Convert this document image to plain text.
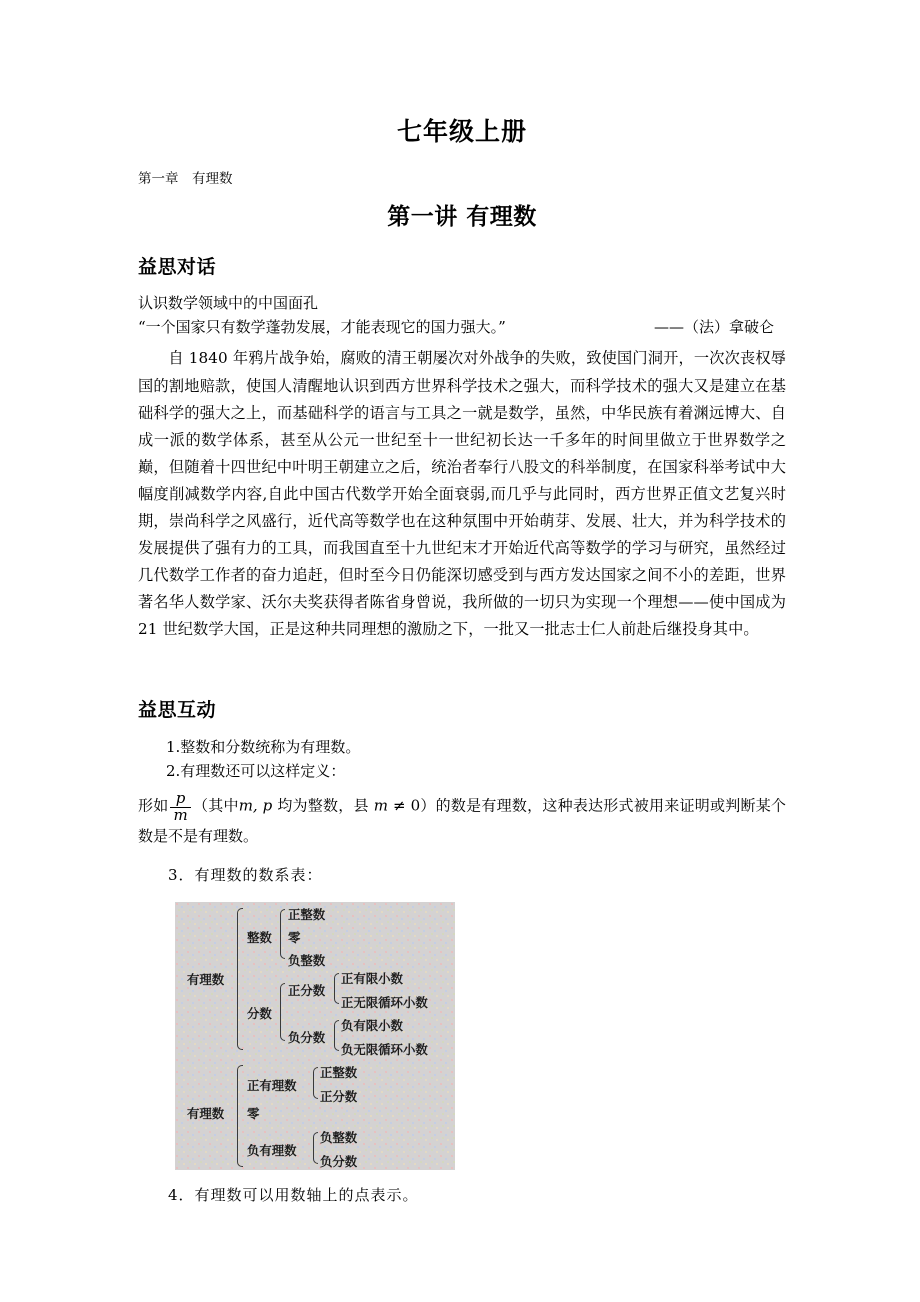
七年级上册
第一章　有理数
第一讲 有理数
益思对话
认识数学领域中的中国面孔
“一个国家只有数学蓬勃发展，才能表现它的国力强大。”	——（法）拿破仑

自 1840 年鸦片战争始，腐败的清王朝屡次对外战争的失败，致使国门洞开，一次次丧权辱国的割地赔款，使国人清醒地认识到西方世界科学技术之强大，而科学技术的强大又是建立在基础科学的强大之上，而基础科学的语言与工具之一就是数学，虽然，中华民族有着渊远博大、自成一派的数学体系，甚至从公元一世纪至十一世纪初长达一千多年的时间里做立于世界数学之巅，但随着十四世纪中叶明王朝建立之后，统治者奉行八股文的科举制度，在国家科举考试中大幅度削减数学内容,自此中国古代数学开始全面衰弱,而几乎与此同时，西方世界正值文艺复兴时期，崇尚科学之风盛行，近代高等数学也在这种氛围中开始萌芽、发展、壮大，并为科学技术的发展提供了强有力的工具，而我国直至十九世纪末才开始近代高等数学的学习与研究，虽然经过几代数学工作者的奋力追赶，但时至今日仍能深切感受到与西方发达国家之间不小的差距，世界著名华人数学家、沃尔夫奖获得者陈省身曾说，我所做的一切只为实现一个理想——使中国成为 21 世纪数学大国，正是这种共同理想的激励之下，一批又一批志士仁人前赴后继投身其中。

益思互动
1.整数和分数统称为有理数。
2.有理数还可以这样定义：
形如 $\frac{p}{m}$ （其中m, p 均为整数，县 m ≠ 0）的数是有理数，这种表达形式被用来证明或判断某个数是不是有理数。
3．有理数的数系表：
有理数
整数
正整数
零
负整数
分数
正分数
正有限小数
正无限循环小数
负分数
负有限小数
负无限循环小数
有理数
正有理数
正整数
正分数
零
负有理数
负整数
负分数
4．有理数可以用数轴上的点表示。
